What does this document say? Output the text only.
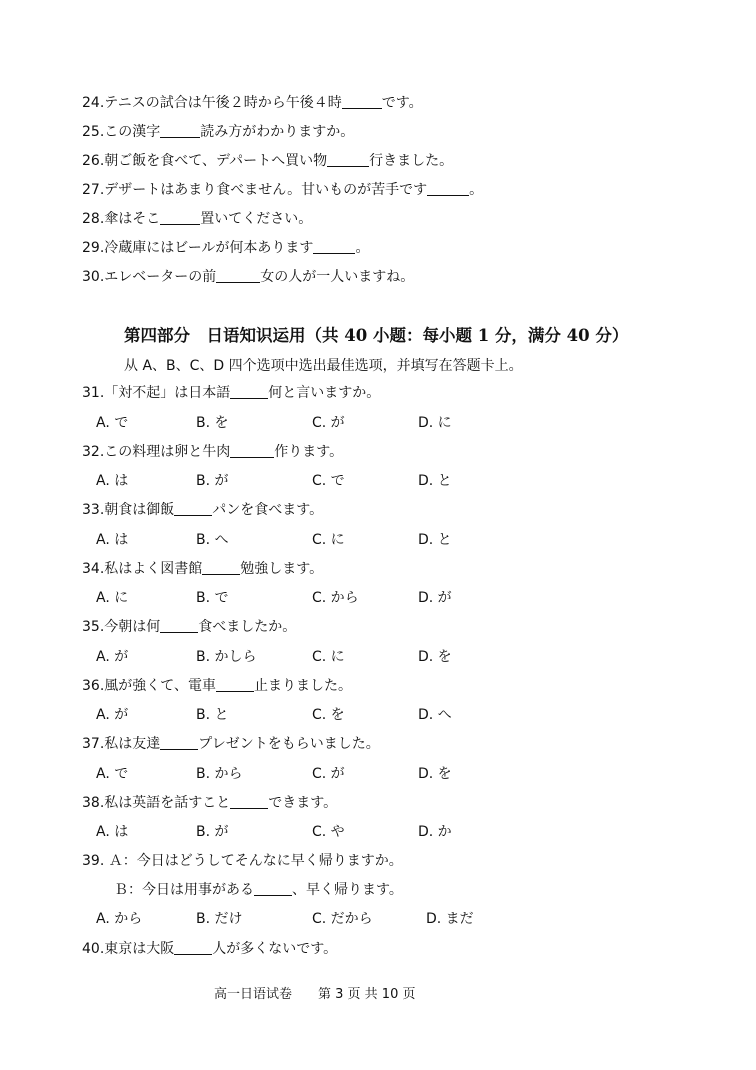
24.テニスの試合は午後２時から午後４時	です。
25.この漢字	読み方がわかりますか。
26.朝ご飯を食べて、デパートへ買い物	行きました。
27.デザートはあまり食べません。甘いものが苦手です	。
28.傘はそこ	置いてください。
29.冷蔵庫にはビールが何本あります	。
30.エレベーターの前	女の人が一人いますね。
第四部分　日语知识运用（共 40 小题：每小题 1 分，满分 40 分）
从 A、B、C、D 四个选项中选出最佳选项，并填写在答题卡上。
31.「対不起」は日本語	何と言いますか。
A. で	B. を	C. が	D. に
32.この料理は卵と牛肉	作ります。
A. は	B. が	C. で	D. と
33.朝食は御飯	パンを食べます。
A. は	B. へ	C. に	D. と
34.私はよく図書館	勉強します。
A. に	B. で	C. から	D. が
35.今朝は何	食べましたか。
A. が	B. かしら	C. に	D. を
36.風が強くて、電車	止まりました。
A. が	B. と	C. を	D. へ
37.私は友達	プレゼントをもらいました。
A. で	B. から	C. が	D. を
38.私は英語を話すこと	できます。
A. は	B. が	C. や	D. か
39. Ａ：今日はどうしてそんなに早く帰りますか。
Ｂ：今日は用事がある	、早く帰ります。
A. から	B. だけ	C. だから	D. まだ
40.東京は大阪	人が多くないです。
高一日语试卷　　第 3 页 共 10 页
